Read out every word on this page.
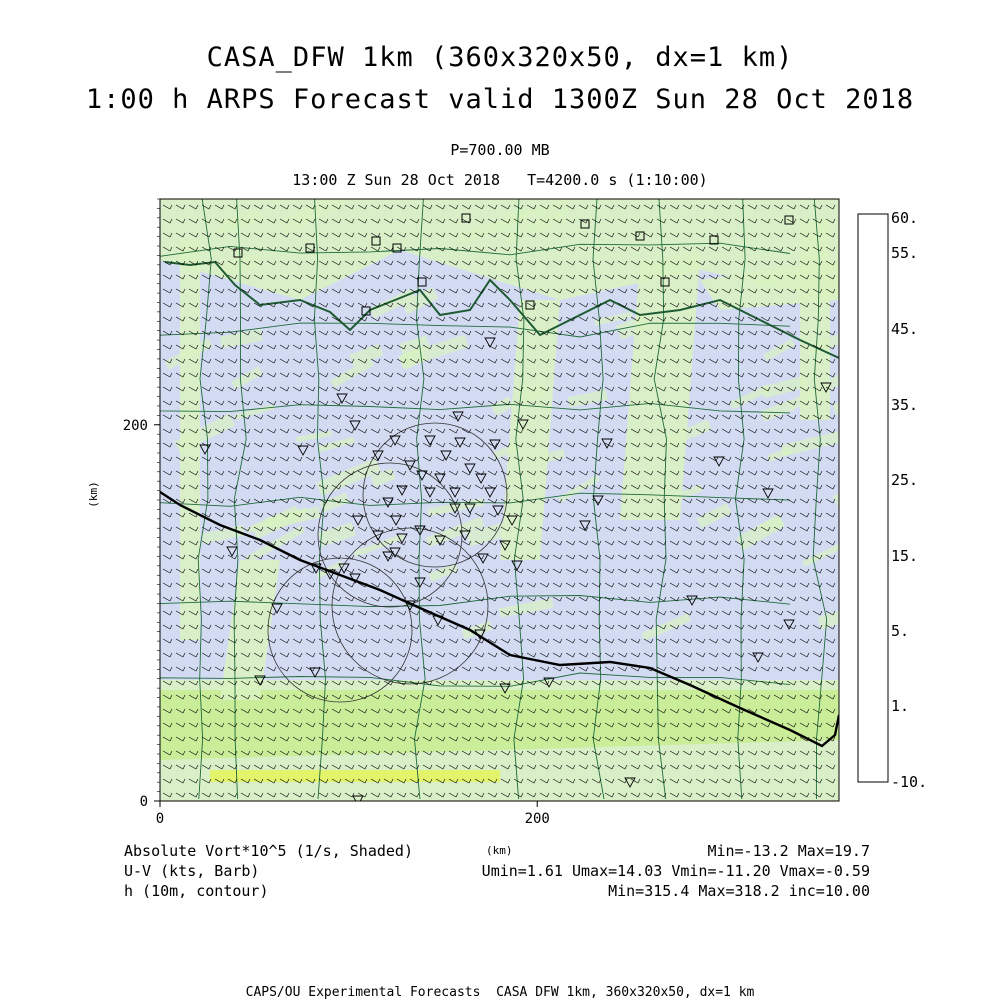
CASA_DFW 1km (360x320x50, dx=1 km)
1:00 h ARPS Forecast valid 1300Z Sun 28 Oct 2018
P=700.00 MB
13:00 Z Sun 28 Oct 2018   T=4200.0 s (1:10:00)
0	200
0
200
-10.
1.
5.
15.
25.
35.
45.
55.
60.
(km)
(km)
Absolute Vort*10^5 (1/s, Shaded)
U-V (kts, Barb)
h (10m, contour)
Min=-13.2 Max=19.7
Umin=1.61 Umax=14.03 Vmin=-11.20 Vmax=-0.59
Min=315.4 Max=318.2 inc=10.00
CAPS/OU Experimental Forecasts  CASA DFW 1km, 360x320x50, dx=1 km
